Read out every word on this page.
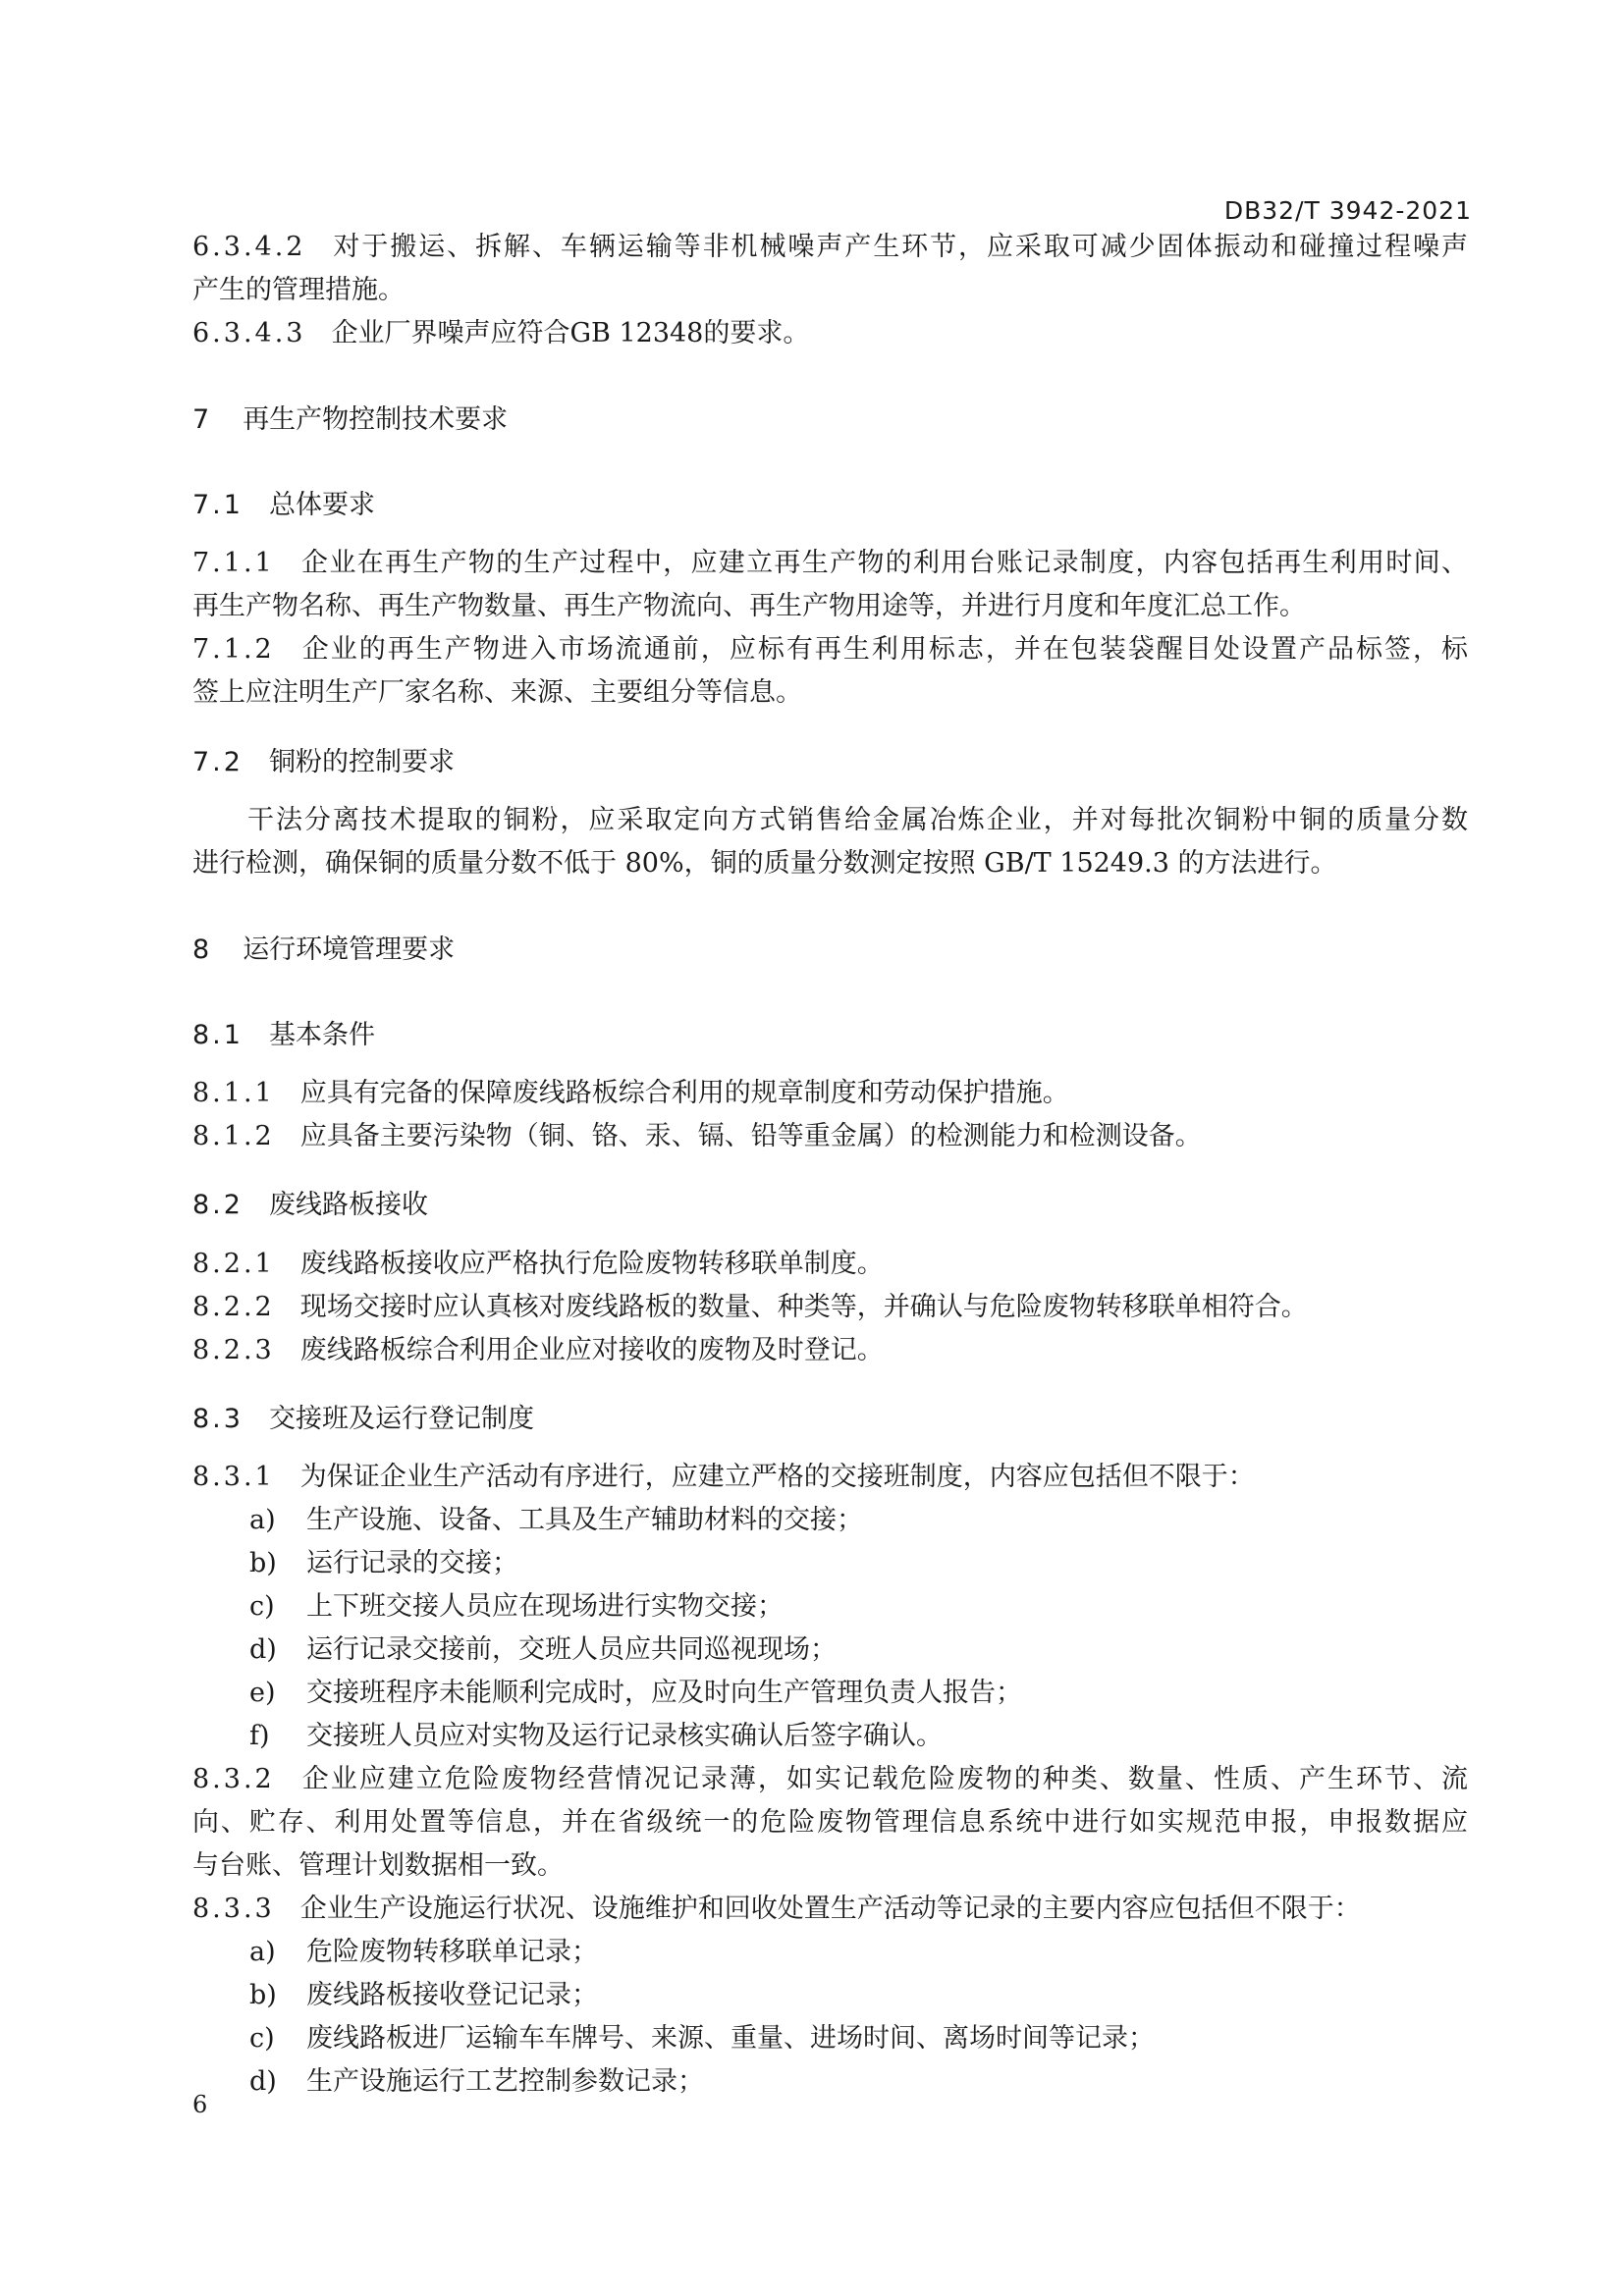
DB32/T 3942-2021
6.3.4.2 对于搬运、拆解、车辆运输等非机械噪声产生环节，应采取可减少固体振动和碰撞过程噪声
产生的管理措施。
6.3.4.3 企业厂界噪声应符合GB 12348的要求。
7 再生产物控制技术要求
7.1 总体要求
7.1.1 企业在再生产物的生产过程中，应建立再生产物的利用台账记录制度，内容包括再生利用时间、
再生产物名称、再生产物数量、再生产物流向、再生产物用途等，并进行月度和年度汇总工作。
7.1.2 企业的再生产物进入市场流通前，应标有再生利用标志，并在包装袋醒目处设置产品标签，标
签上应注明生产厂家名称、来源、主要组分等信息。
7.2 铜粉的控制要求
干法分离技术提取的铜粉，应采取定向方式销售给金属冶炼企业，并对每批次铜粉中铜的质量分数
进行检测，确保铜的质量分数不低于 80%，铜的质量分数测定按照 GB/T 15249.3 的方法进行。
8 运行环境管理要求
8.1 基本条件
8.1.1 应具有完备的保障废线路板综合利用的规章制度和劳动保护措施。
8.1.2 应具备主要污染物（铜、铬、汞、镉、铅等重金属）的检测能力和检测设备。
8.2 废线路板接收
8.2.1 废线路板接收应严格执行危险废物转移联单制度。
8.2.2 现场交接时应认真核对废线路板的数量、种类等，并确认与危险废物转移联单相符合。
8.2.3 废线路板综合利用企业应对接收的废物及时登记。
8.3 交接班及运行登记制度
8.3.1 为保证企业生产活动有序进行，应建立严格的交接班制度，内容应包括但不限于：
a) 生产设施、设备、工具及生产辅助材料的交接；
b) 运行记录的交接；
c) 上下班交接人员应在现场进行实物交接；
d) 运行记录交接前，交班人员应共同巡视现场；
e) 交接班程序未能顺利完成时，应及时向生产管理负责人报告；
f) 交接班人员应对实物及运行记录核实确认后签字确认。
8.3.2 企业应建立危险废物经营情况记录薄，如实记载危险废物的种类、数量、性质、产生环节、流
向、贮存、利用处置等信息，并在省级统一的危险废物管理信息系统中进行如实规范申报，申报数据应
与台账、管理计划数据相一致。
8.3.3 企业生产设施运行状况、设施维护和回收处置生产活动等记录的主要内容应包括但不限于：
a) 危险废物转移联单记录；
b) 废线路板接收登记记录；
c) 废线路板进厂运输车车牌号、来源、重量、进场时间、离场时间等记录；
d) 生产设施运行工艺控制参数记录；
6
